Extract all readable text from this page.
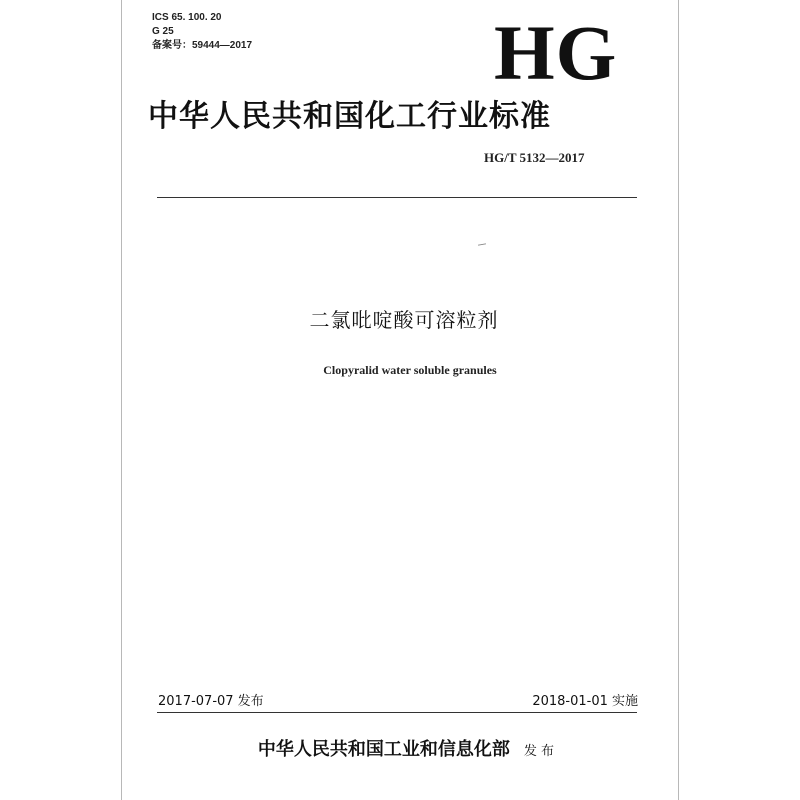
ICS 65. 100. 20
G 25
备案号：59444—2017	HG
中华人民共和国化工行业标准
HG/T 5132—2017
二氯吡啶酸可溶粒剂
Clopyralid water soluble granules
2017-07-07 发布	2018-01-01 实施
中华人民共和国工业和信息化部 发 布
